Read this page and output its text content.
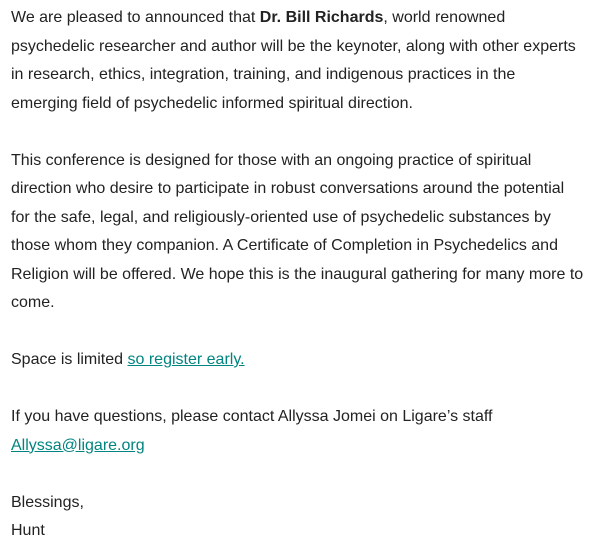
We are pleased to announced that Dr. Bill Richards, world renowned psychedelic researcher and author will be the keynoter, along with other experts in research, ethics, integration, training, and indigenous practices in the emerging field of psychedelic informed spiritual direction.

This conference is designed for those with an ongoing practice of spiritual direction who desire to participate in robust conversations around the potential for the safe, legal, and religiously-oriented use of psychedelic substances by those whom they companion. A Certificate of Completion in Psychedelics and Religion will be offered. We hope this is the inaugural gathering for many more to come.

Space is limited so register early.

If you have questions, please contact Allyssa Jomei on Ligare’s staff
Allyssa@ligare.org

Blessings,

Hunt
